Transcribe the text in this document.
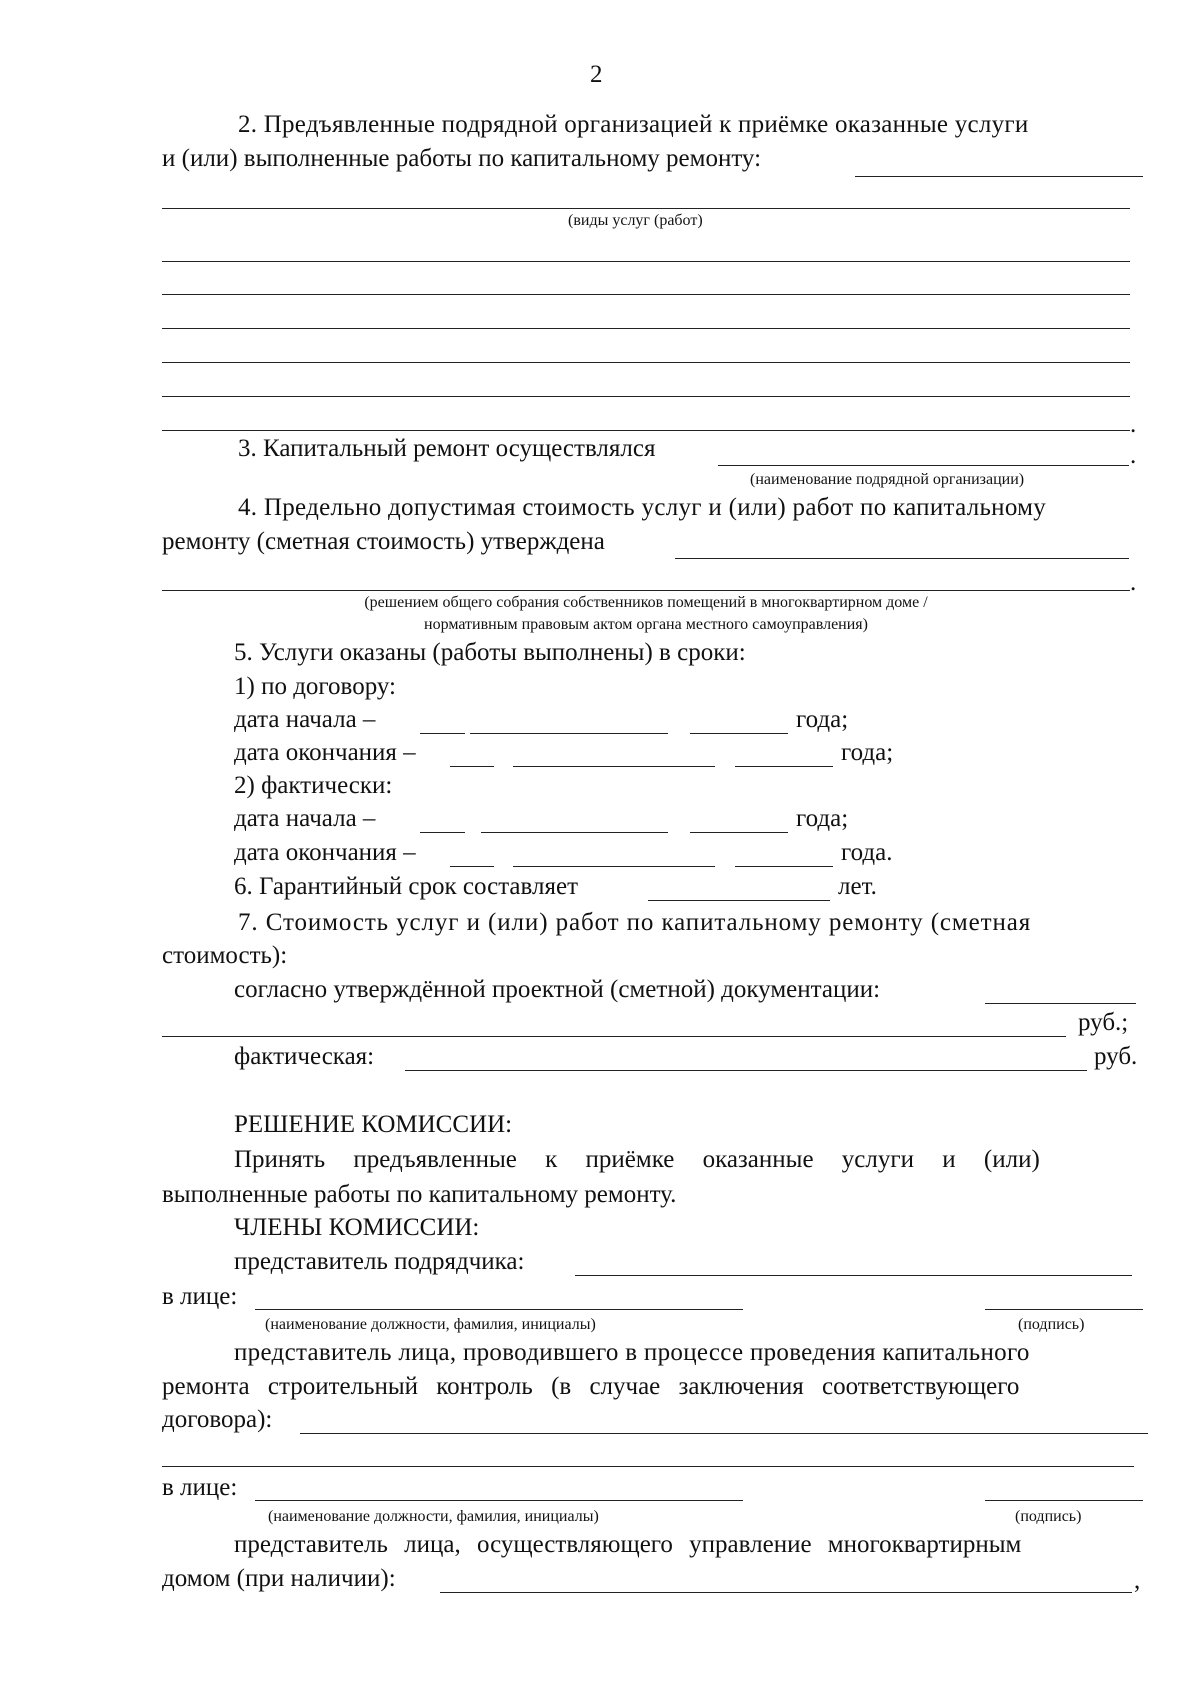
2
2. Предъявленные подрядной организацией к приёмке оказанные услуги
и (или) выполненные работы по капитальному ремонту:
(виды услуг (работ)
.
3. Капитальный ремонт осуществлялся	.
(наименование подрядной организации)
4. Предельно допустимая стоимость услуг и (или) работ по капитальному
ремонту (сметная стоимость) утверждена
.
(решением общего собрания собственников помещений в многоквартирном доме /
нормативным правовым актом органа местного самоуправления)
5. Услуги оказаны (работы выполнены) в сроки:
1) по договору:
дата начала –	года;
дата окончания –	года;
2) фактически:
дата начала –	года;
дата окончания –	года.
6. Гарантийный срок составляет	лет.
7. Стоимость услуг и (или) работ по капитальному ремонту (сметная
стоимость):
согласно утверждённой проектной (сметной) документации:
руб.;
фактическая:	руб.
РЕШЕНИЕ КОМИССИИ:
Принять предъявленные к приёмке оказанные услуги и (или)
выполненные работы по капитальному ремонту.
ЧЛЕНЫ КОМИССИИ:
представитель подрядчика:
в лице:
(наименование должности, фамилия, инициалы)	(подпись)
представитель лица, проводившего в процессе проведения капитального
ремонта строительный контроль (в случае заключения соответствующего
договора):
в лице:
(наименование должности, фамилия, инициалы)	(подпись)
представитель лица, осуществляющего управление многоквартирным
домом (при наличии):	,
